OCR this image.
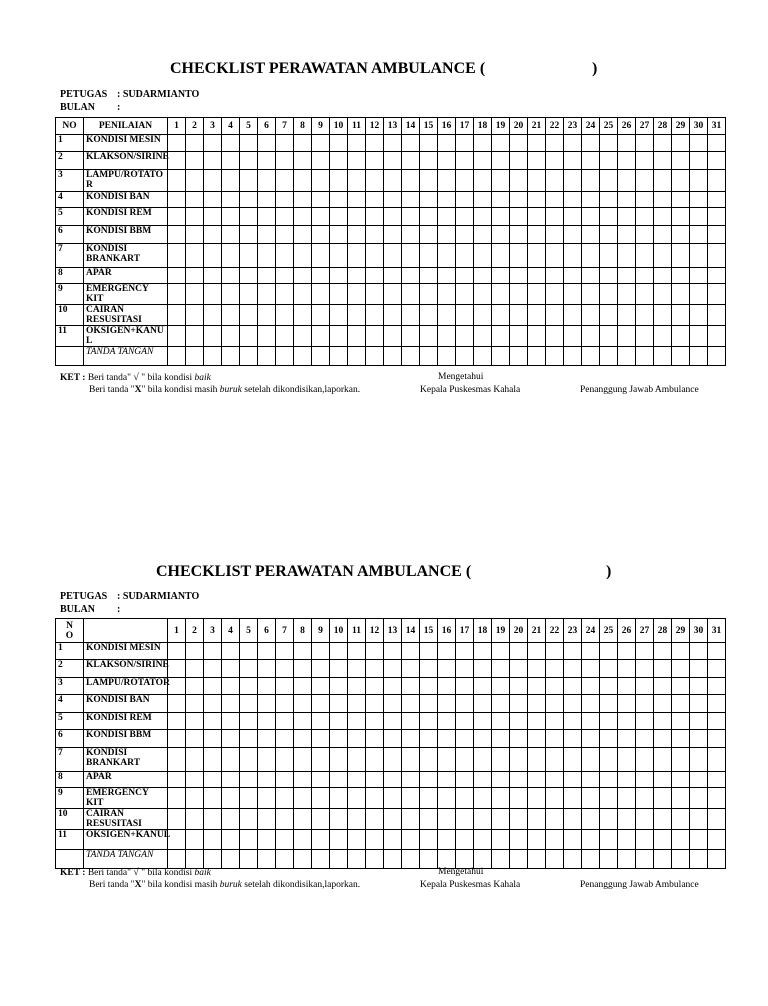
CHECKLIST PERAWATAN AMBULANCE (	)
PETUGAS : SUDARMIANTO
BULAN :
NO	PENILAIAN	1	2	3	4	5	6	7	8	9	10	11	12	13	14	15	16	17	18	19	20	21	22	23	24	25	26	27	28	29	30	31
1	KONDISI MESIN																															
2	KLAKSON/SIRINE																															
3	LAMPU/ROTATO R																															
4	KONDISI BAN																															
5	KONDISI REM																															
6	KONDISI BBM																															
7	KONDISI BRANKART																															
8	APAR																															
9	EMERGENCY KIT																															
10	CAIRAN RESUSITASI																															
11	OKSIGEN+KANU L																															
	TANDA TANGAN																															
KET : Beri tanda" √ " bila kondisi baik
Beri tanda "X" bila kondisi masih buruk setelah dikondisikan,laporkan.
Mengetahui
Kepala Puskesmas Kahala	Penanggung Jawab Ambulance
CHECKLIST PERAWATAN AMBULANCE (	)
PETUGAS : SUDARMIANTO
BULAN :
N O		1	2	3	4	5	6	7	8	9	10	11	12	13	14	15	16	17	18	19	20	21	22	23	24	25	26	27	28	29	30	31
1	KONDISI MESIN																															
2	KLAKSON/SIRINE																															
3	LAMPU/ROTATOR																															
4	KONDISI BAN																															
5	KONDISI REM																															
6	KONDISI BBM																															
7	KONDISI BRANKART																															
8	APAR																															
9	EMERGENCY KIT																															
10	CAIRAN RESUSITASI																															
11	OKSIGEN+KANUL																															
	TANDA TANGAN																															
KET : Beri tanda" √ " bila kondisi baik
Beri tanda "X" bila kondisi masih buruk setelah dikondisikan,laporkan.
Mengetahui
Kepala Puskesmas Kahala	Penanggung Jawab Ambulance
